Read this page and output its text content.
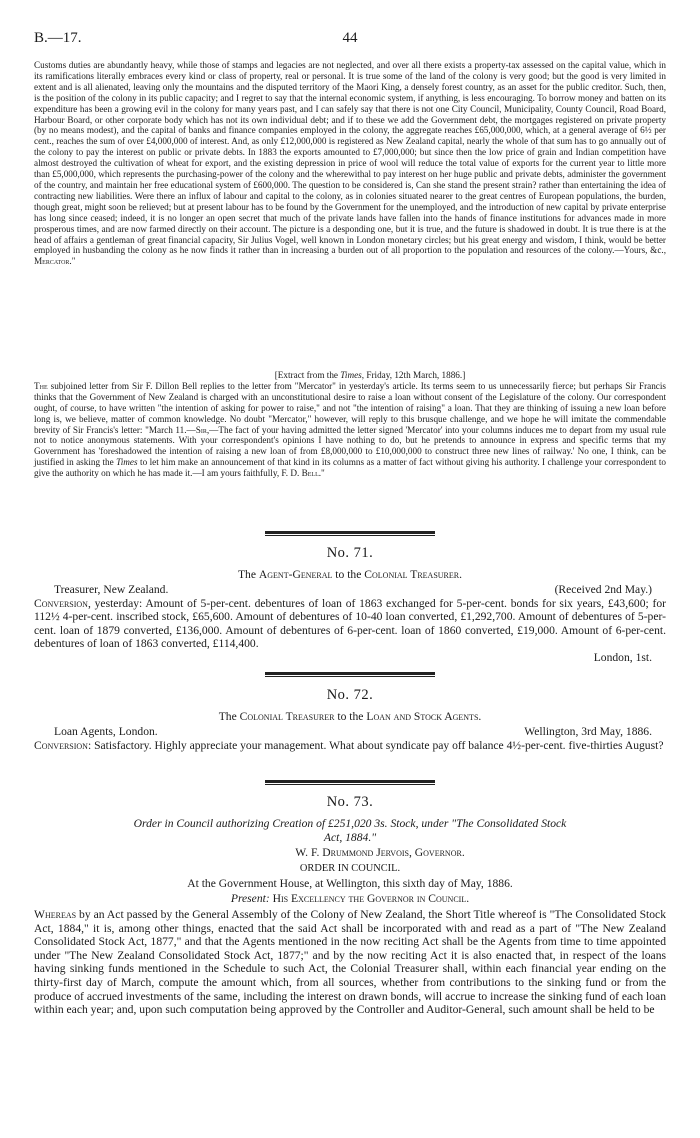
B.—17.	44

Customs duties are abundantly heavy, while those of stamps and legacies are not neglected, and over all there exists a property-tax assessed on the capital value, which in its ramifications literally embraces every kind or class of property, real or personal. It is true some of the land of the colony is very good; but the good is very limited in extent and is all alienated, leaving only the mountains and the disputed territory of the Maori King, a densely forest country, as an asset for the public creditor. Such, then, is the position of the colony in its public capacity; and I regret to say that the internal economic system, if anything, is less encouraging. To borrow money and batten on its expenditure has been a growing evil in the colony for many years past, and I can safely say that there is not one City Council, Municipality, County Council, Road Board, Harbour Board, or other corporate body which has not its own individual debt; and if to these we add the Government debt, the mortgages registered on private property (by no means modest), and the capital of banks and finance companies employed in the colony, the aggregate reaches £65,000,000, which, at a general average of 6½ per cent., reaches the sum of over £4,000,000 of interest. And, as only £12,000,000 is registered as New Zealand capital, nearly the whole of that sum has to go annually out of the colony to pay the interest on public or private debts. In 1883 the exports amounted to £7,000,000; but since then the low price of grain and Indian competition have almost destroyed the cultivation of wheat for export, and the existing depression in price of wool will reduce the total value of exports for the current year to little more than £5,000,000, which represents the purchasing-power of the colony and the wherewithal to pay interest on her huge public and private debts, administer the government of the country, and maintain her free educational system of £600,000. The question to be considered is, Can she stand the present strain? rather than entertaining the idea of contracting new liabilities. Were there an influx of labour and capital to the colony, as in colonies situated nearer to the great centres of European populations, the burden, though great, might soon be relieved; but at present labour has to be found by the Government for the unemployed, and the introduction of new capital by private enterprise has long since ceased; indeed, it is no longer an open secret that much of the private lands have fallen into the hands of finance institutions for advances made in more prosperous times, and are now farmed directly on their account. The picture is a desponding one, but it is true, and the future is shadowed in doubt. It is true there is at the head of affairs a gentleman of great financial capacity, Sir Julius Vogel, well known in London monetary circles; but his great energy and wisdom, I think, would be better employed in husbanding the colony as he now finds it rather than in increasing a burden out of all proportion to the population and resources of the colony.—Yours, &c., Mercator."

[Extract from the Times, Friday, 12th March, 1886.]

The subjoined letter from Sir F. Dillon Bell replies to the letter from "Mercator" in yesterday's article. Its terms seem to us unnecessarily fierce; but perhaps Sir Francis thinks that the Government of New Zealand is charged with an unconstitutional desire to raise a loan without consent of the Legislature of the colony. Our correspondent ought, of course, to have written "the intention of asking for power to raise," and not "the intention of raising" a loan. That they are thinking of issuing a new loan before long is, we believe, matter of common knowledge. No doubt "Mercator," however, will reply to this brusque challenge, and we hope he will imitate the commendable brevity of Sir Francis's letter: "March 11.—Sir,—The fact of your having admitted the letter signed 'Mercator' into your columns induces me to depart from my usual rule not to notice anonymous statements. With your correspondent's opinions I have nothing to do, but he pretends to announce in express and specific terms that my Government has 'foreshadowed the intention of raising a new loan of from £8,000,000 to £10,000,000 to construct three new lines of railway.' No one, I think, can be justified in asking the Times to let him make an announcement of that kind in its columns as a matter of fact without giving his authority. I challenge your correspondent to give the authority on which he has made it.—I am yours faithfully, F. D. Bell."

No. 71.
The Agent-General to the Colonial Treasurer.
Treasurer, New Zealand.	(Received 2nd May.)

Conversion, yesterday: Amount of 5-per-cent. debentures of loan of 1863 exchanged for 5-per-cent. bonds for six years, £43,600; for 112½ 4-per-cent. inscribed stock, £65,600. Amount of debentures of 10-40 loan converted, £1,292,700. Amount of debentures of 5-per-cent. loan of 1879 converted, £136,000. Amount of debentures of 6-per-cent. loan of 1860 converted, £19,000. Amount of 6-per-cent. debentures of loan of 1863 converted, £114,400.

London, 1st.
No. 72.
The Colonial Treasurer to the Loan and Stock Agents.
Loan Agents, London.	Wellington, 3rd May, 1886.

Conversion: Satisfactory. Highly appreciate your management. What about syndicate pay off balance 4½-per-cent. five-thirties August?

No. 73.
Order in Council authorizing Creation of £251,020 3s. Stock, under "The Consolidated Stock
Act, 1884."
W. F. Drummond Jervois, Governor.
ORDER IN COUNCIL.
At the Government House, at Wellington, this sixth day of May, 1886.
Present: His Excellency the Governor in Council.

Whereas by an Act passed by the General Assembly of the Colony of New Zealand, the Short Title whereof is "The Consolidated Stock Act, 1884," it is, among other things, enacted that the said Act shall be incorporated with and read as a part of "The New Zealand Consolidated Stock Act, 1877," and that the Agents mentioned in the now reciting Act shall be the Agents from time to time appointed under "The New Zealand Consolidated Stock Act, 1877;" and by the now reciting Act it is also enacted that, in respect of the loans having sinking funds mentioned in the Schedule to such Act, the Colonial Treasurer shall, within each financial year ending on the thirty-first day of March, compute the amount which, from all sources, whether from contributions to the sinking fund or from the produce of accrued investments of the same, including the interest on drawn bonds, will accrue to increase the sinking fund of each loan within each year; and, upon such computation being approved by the Controller and Auditor-General, such amount shall be held to be
